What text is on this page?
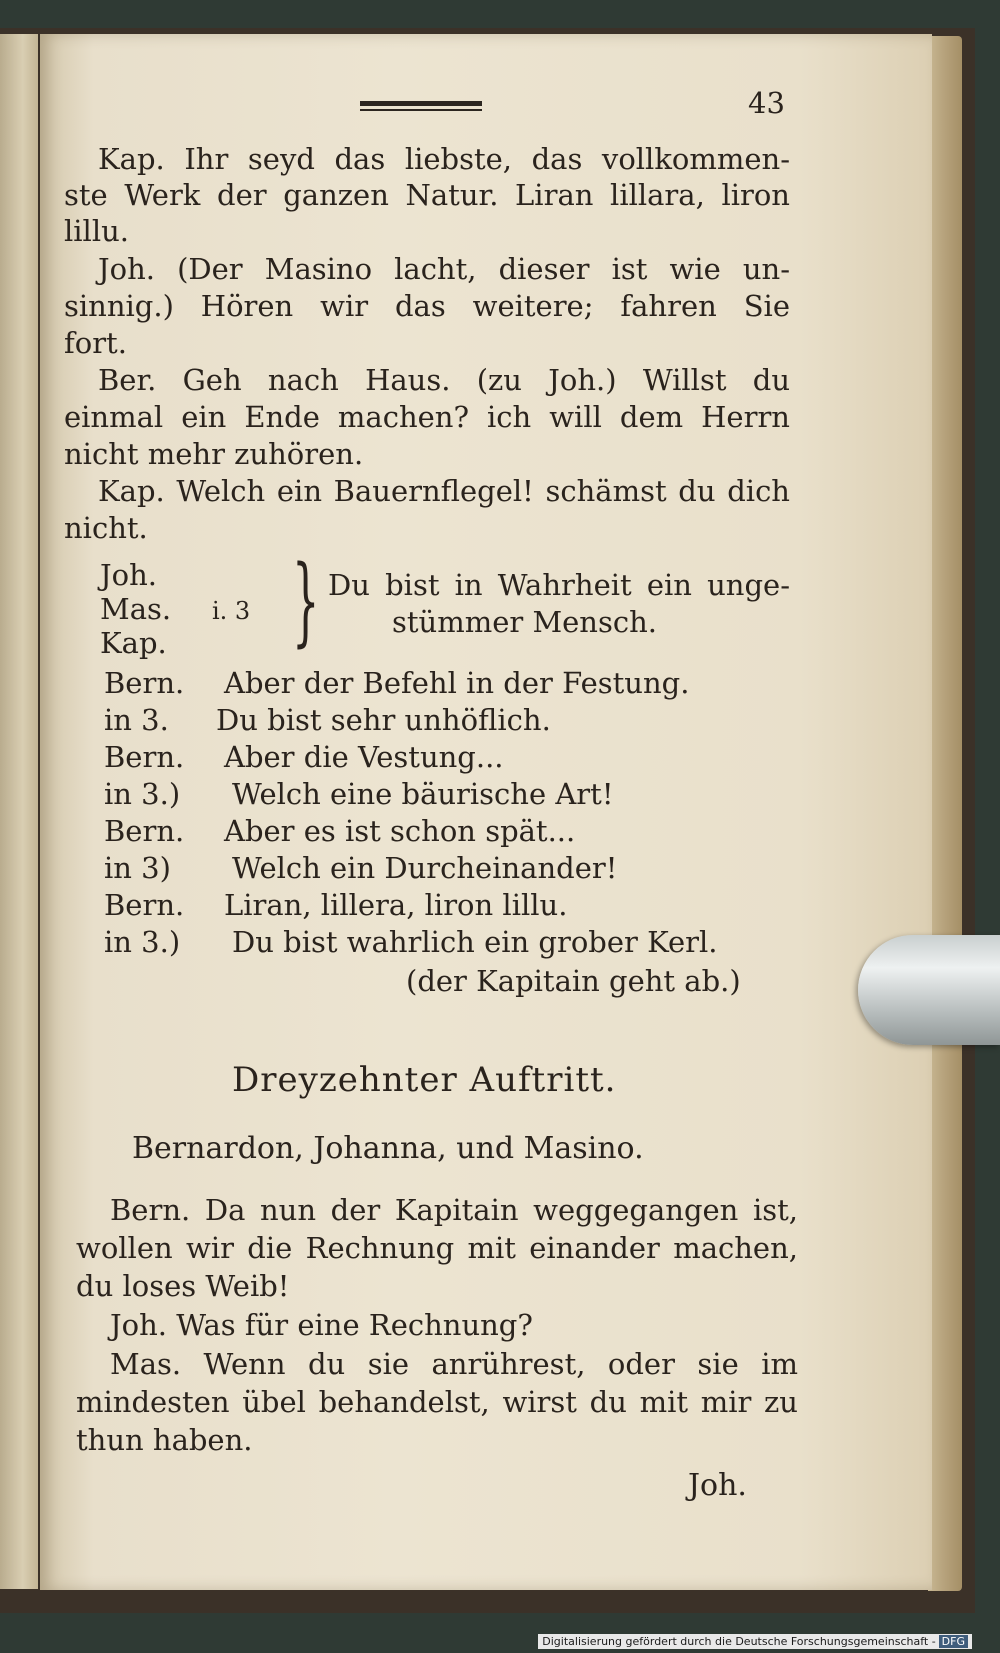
43
Kap. Ihr seyd das liebste, das vollkommen-
ste Werk der ganzen Natur. Liran lillara, liron
lillu.
Joh. (Der Masino lacht, dieser ist wie un-
sinnig.) Hören wir das weitere; fahren Sie
fort.
Ber. Geh nach Haus. (zu Joh.) Willst du
einmal ein Ende machen? ich will dem Herrn
nicht mehr zuhören.
Kap. Welch ein Bauernflegel! schämst du dich
nicht.
Joh.
Mas.
Kap.
i. 3 } Du bist in Wahrheit ein unge-
stümmer Mensch.
Bern. Aber der Befehl in der Festung.
in 3. Du bist sehr unhöflich.
Bern. Aber die Vestung...
in 3.) Welch eine bäurische Art!
Bern. Aber es ist schon spät...
in 3) Welch ein Durcheinander!
Bern. Liran, lillera, liron lillu.
in 3.) Du bist wahrlich ein grober Kerl.
(der Kapitain geht ab.)
Dreyzehnter Auftritt.
Bernardon, Johanna, und Masino.
Bern. Da nun der Kapitain weggegangen ist,
wollen wir die Rechnung mit einander machen,
du loses Weib!
Joh. Was für eine Rechnung?
Mas. Wenn du sie anrührest, oder sie im
mindesten übel behandelst, wirst du mit mir zu
thun haben.
Joh.
Digitalisierung gefördert durch die Deutsche Forschungsgemeinschaft - DFG
